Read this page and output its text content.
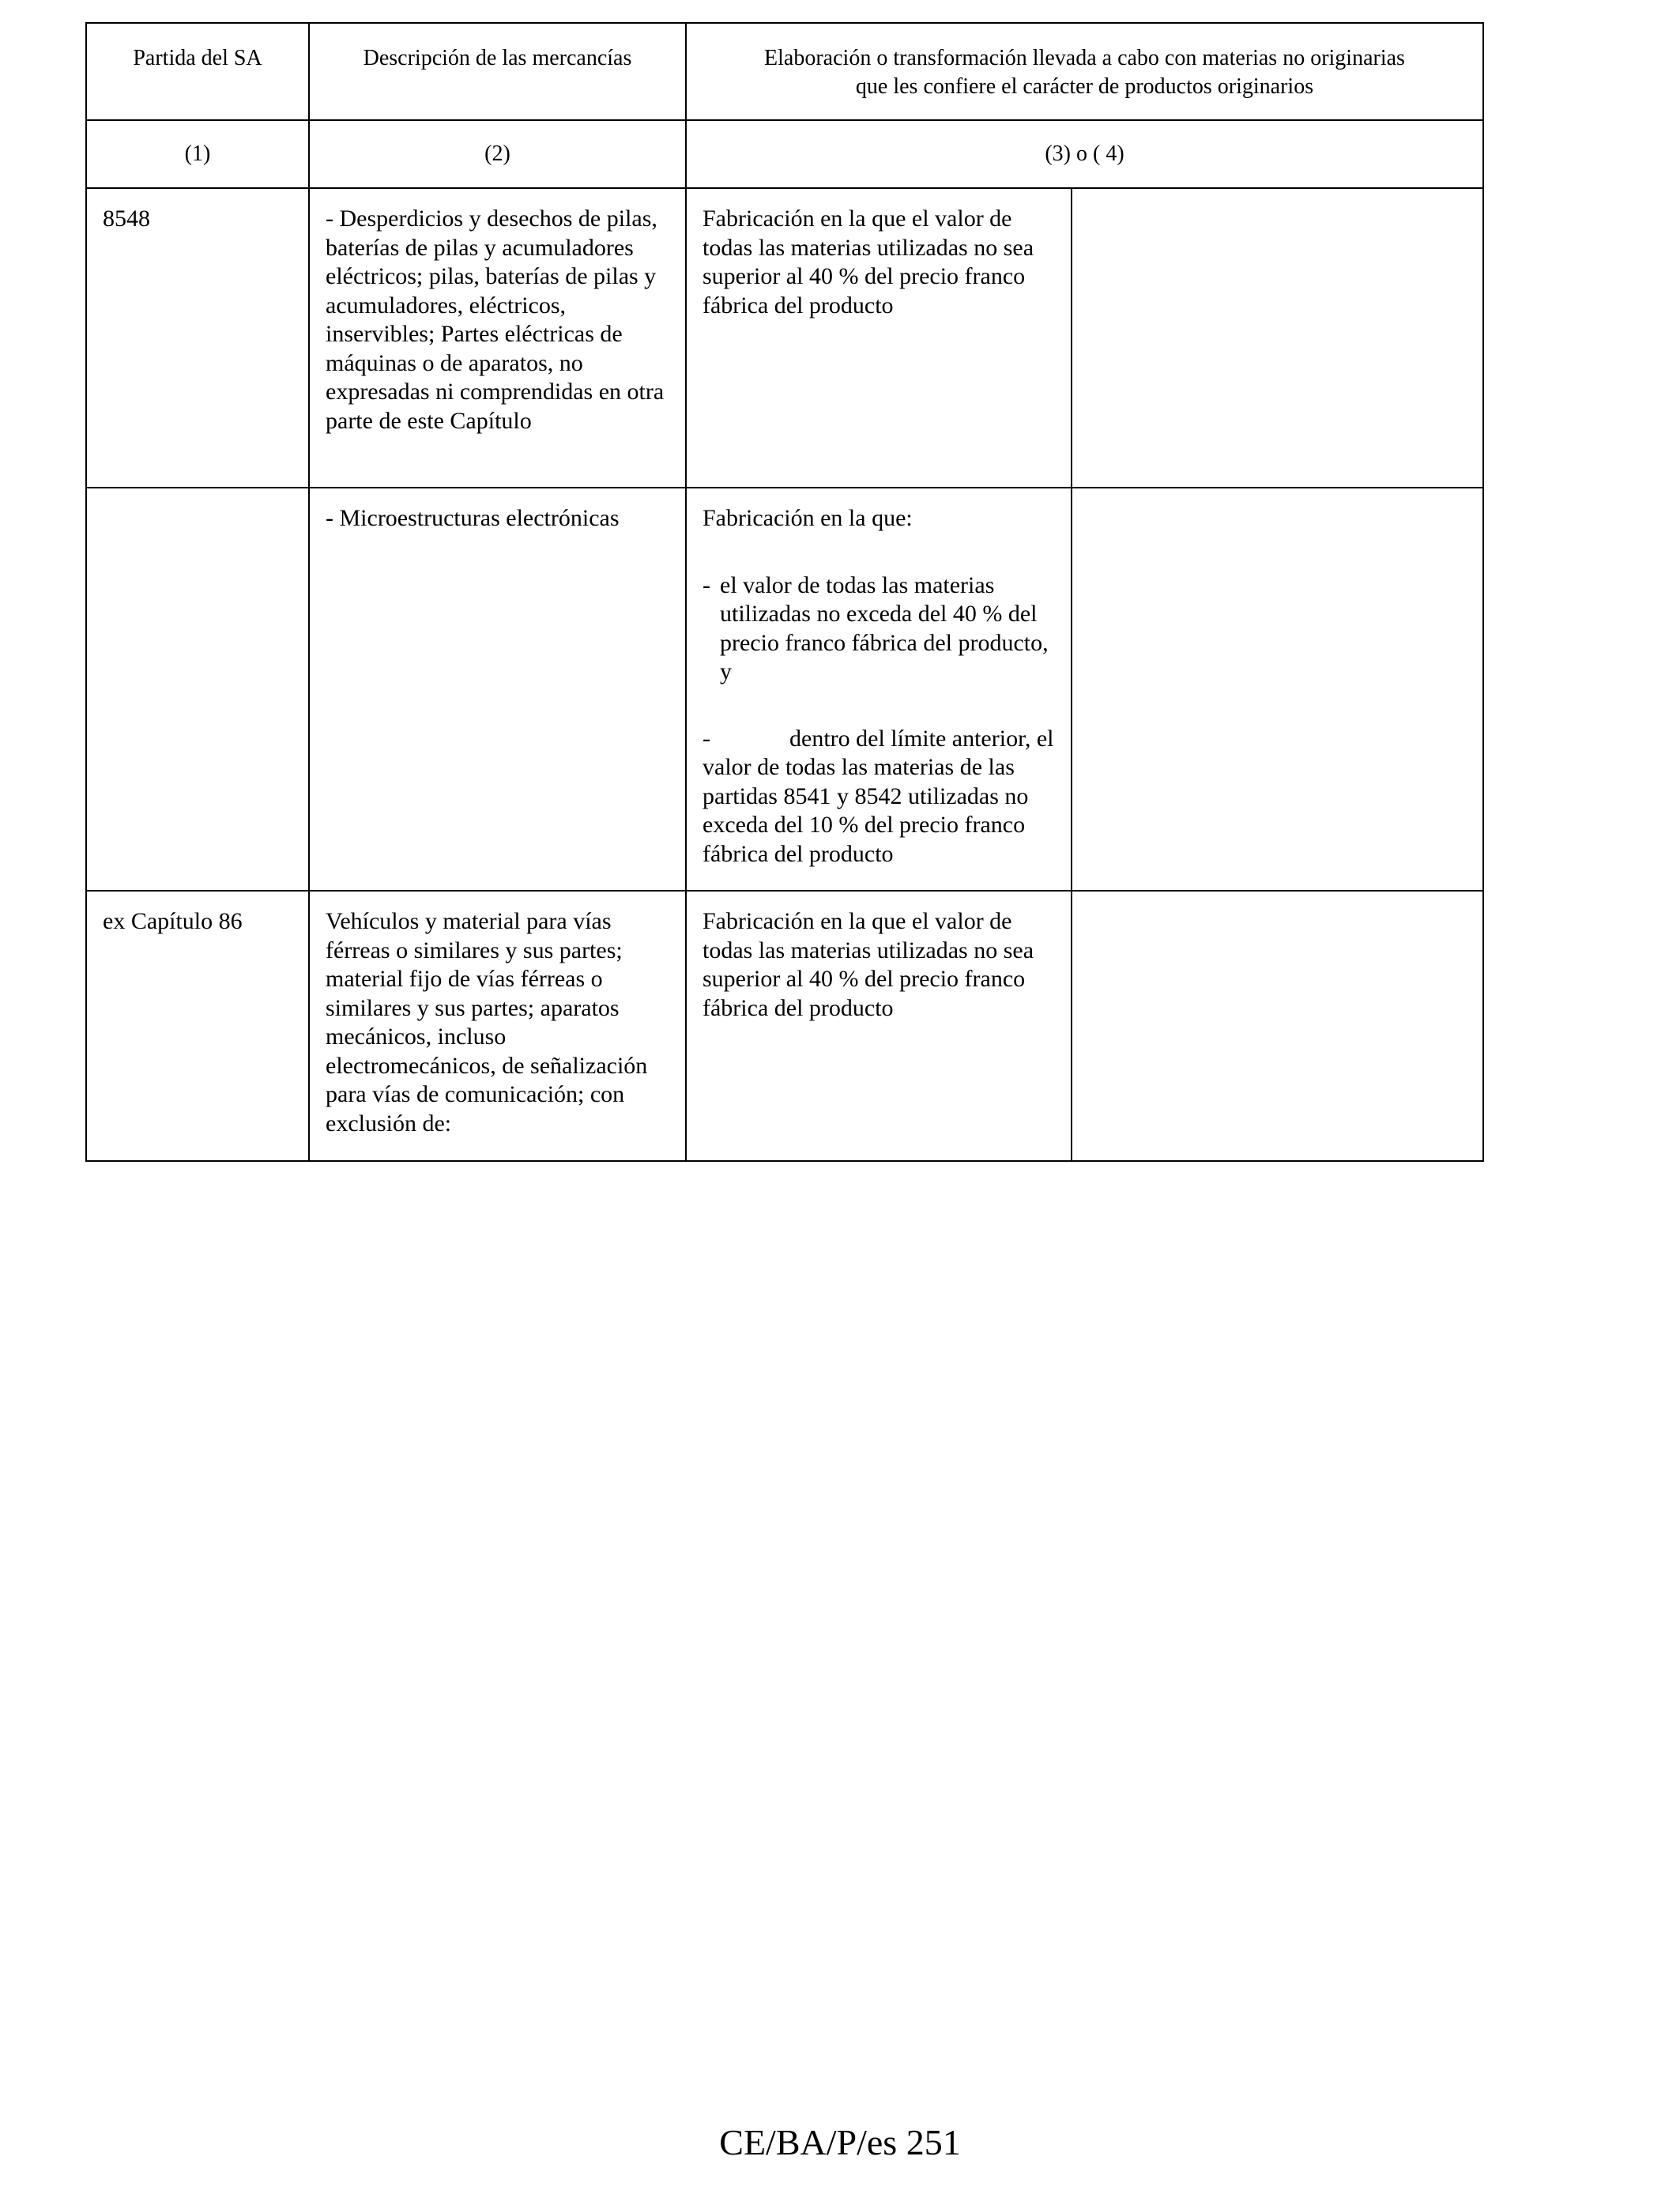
Partida del SA	Descripción de las mercancías	Elaboración o transformación llevada a cabo con materias no originarias
que les confiere el carácter de productos originarios	

(1)	(2)	(3) o ( 4)	
8548	- Desperdicios y desechos de pilas, baterías de pilas y acumuladores eléctricos; pilas, baterías de pilas y acumuladores, eléctricos, inservibles; Partes eléctricas de máquinas o de aparatos, no expresadas ni comprendidas en otra parte de este Capítulo	Fabricación en la que el valor de todas las materias utilizadas no sea superior al 40 % del precio franco fábrica del producto	
	- Microestructuras electrónicas	Fabricación en la que:
- el valor de todas las materias utilizadas no exceda del 40 % del precio franco fábrica del producto, y
- dentro del límite anterior, el valor de todas las materias de las partidas 8541 y 8542 utilizadas no exceda del 10 % del precio franco fábrica del producto	

ex Capítulo 86	Vehículos y material para vías férreas o similares y sus partes; material fijo de vías férreas o similares y sus partes; aparatos mecánicos, incluso electromecánicos, de señalización para vías de comunicación; con exclusión de:	Fabricación en la que el valor de todas las materias utilizadas no sea superior al 40 % del precio franco fábrica del producto	
CE/BA/P/es 251
